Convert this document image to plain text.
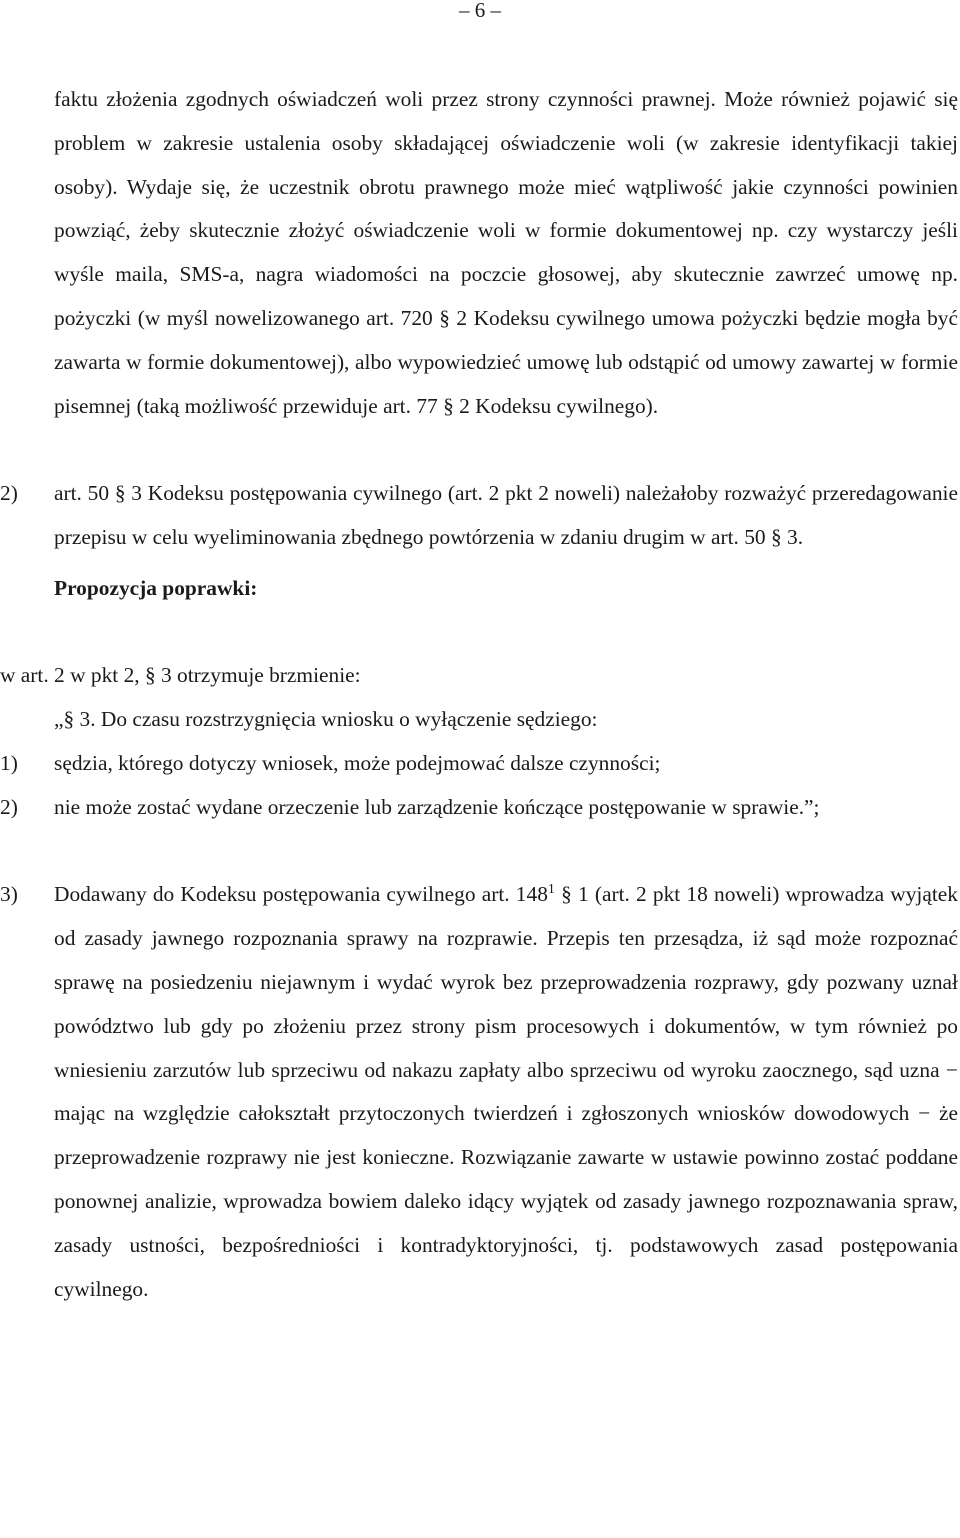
– 6 –

faktu złożenia zgodnych oświadczeń woli przez strony czynności prawnej. Może również pojawić się problem w zakresie ustalenia osoby składającej oświadczenie woli (w zakresie identyfikacji takiej osoby). Wydaje się, że uczestnik obrotu prawnego może mieć wątpliwość jakie czynności powinien powziąć, żeby skutecznie złożyć oświadczenie woli w formie dokumentowej np. czy wystarczy jeśli wyśle maila, SMS-a, nagra wiadomości na poczcie głosowej, aby skutecznie zawrzeć umowę np. pożyczki (w myśl nowelizowanego art. 720 § 2 Kodeksu cywilnego umowa pożyczki będzie mogła być zawarta w formie dokumentowej), albo wypowiedzieć umowę lub odstąpić od umowy zawartej w formie pisemnej (taką możliwość przewiduje art. 77 § 2 Kodeksu cywilnego).

2)	art. 50 § 3 Kodeksu postępowania cywilnego (art. 2 pkt 2 noweli) należałoby rozważyć przeredagowanie przepisu w celu wyeliminowania zbędnego powtórzenia w zdaniu drugim w art. 50 § 3.
Propozycja poprawki:
w art. 2 w pkt 2, § 3 otrzymuje brzmienie:
„§ 3. Do czasu rozstrzygnięcia wniosku o wyłączenie sędziego:
1)	sędzia, którego dotyczy wniosek, może podejmować dalsze czynności;
2)	nie może zostać wydane orzeczenie lub zarządzenie kończące postępowanie w sprawie.”;
3)	Dodawany do Kodeksu postępowania cywilnego art. $148^1$ § 1 (art. 2 pkt 18 noweli) wprowadza wyjątek od zasady jawnego rozpoznania sprawy na rozprawie. Przepis ten przesądza, iż sąd może rozpoznać sprawę na posiedzeniu niejawnym i wydać wyrok bez przeprowadzenia rozprawy, gdy pozwany uznał powództwo lub gdy po złożeniu przez strony pism procesowych i dokumentów, w tym również po wniesieniu zarzutów lub sprzeciwu od nakazu zapłaty albo sprzeciwu od wyroku zaocznego, sąd uzna − mając na względzie całokształt przytoczonych twierdzeń i zgłoszonych wniosków dowodowych − że przeprowadzenie rozprawy nie jest konieczne. Rozwiązanie zawarte w ustawie powinno zostać poddane ponownej analizie, wprowadza bowiem daleko idący wyjątek od zasady jawnego rozpoznawania spraw, zasady ustności, bezpośredniości i kontradyktoryjności, tj. podstawowych zasad postępowania cywilnego.
